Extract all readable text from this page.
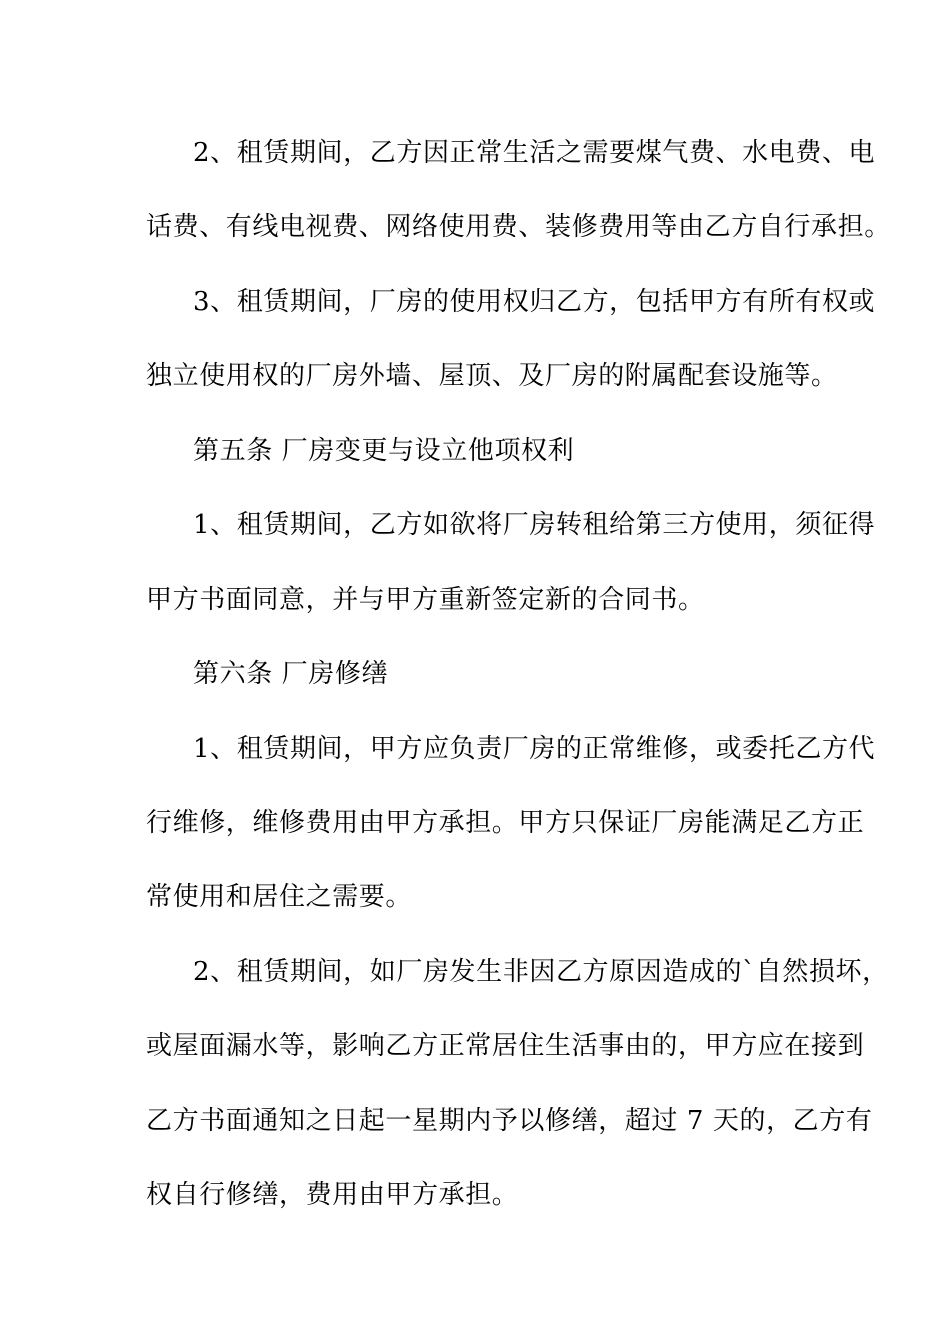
2、租赁期间，乙方因正常生活之需要煤气费、水电费、电
话费、有线电视费、网络使用费、装修费用等由乙方自行承担。
3、租赁期间，厂房的使用权归乙方，包括甲方有所有权或
独立使用权的厂房外墙、屋顶、及厂房的附属配套设施等。
第五条 厂房变更与设立他项权利
1、租赁期间，乙方如欲将厂房转租给第三方使用，须征得
甲方书面同意，并与甲方重新签定新的合同书。
第六条 厂房修缮
1、租赁期间，甲方应负责厂房的正常维修，或委托乙方代
行维修，维修费用由甲方承担。甲方只保证厂房能满足乙方正
常使用和居住之需要。
2、租赁期间，如厂房发生非因乙方原因造成的`自然损坏，
或屋面漏水等，影响乙方正常居住生活事由的，甲方应在接到
乙方书面通知之日起一星期内予以修缮，超过 7 天的，乙方有
权自行修缮，费用由甲方承担。
